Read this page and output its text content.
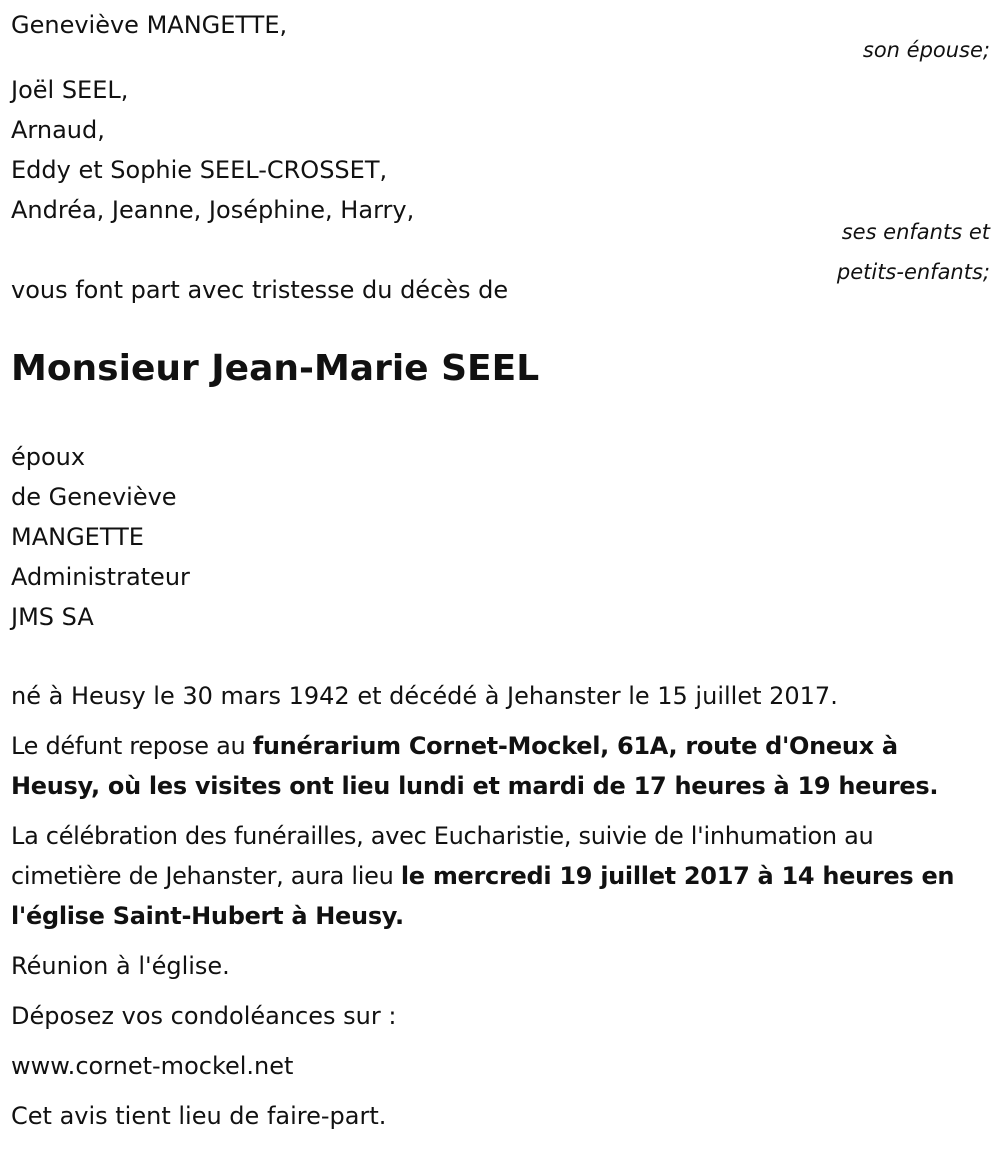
Geneviève MANGETTE,
son épouse;
Joël SEEL,
Arnaud,
Eddy et Sophie SEEL-CROSSET,
Andréa, Jeanne, Joséphine, Harry,
ses enfants et
petits-enfants;
vous font part avec tristesse du décès de
Monsieur Jean-Marie SEEL
époux
de Geneviève
MANGETTE
Administrateur
JMS SA
né à Heusy le 30 mars 1942 et décédé à Jehanster le 15 juillet 2017.
Le défunt repose au funérarium Cornet-Mockel, 61A, route d'Oneux à Heusy, où les visites ont lieu lundi et mardi de 17 heures à 19 heures.
La célébration des funérailles, avec Eucharistie, suivie de l'inhumation au cimetière de Jehanster, aura lieu le mercredi 19 juillet 2017 à 14 heures en l'église Saint-Hubert à Heusy.
Réunion à l'église.
Déposez vos condoléances sur :
www.cornet-mockel.net
Cet avis tient lieu de faire-part.
